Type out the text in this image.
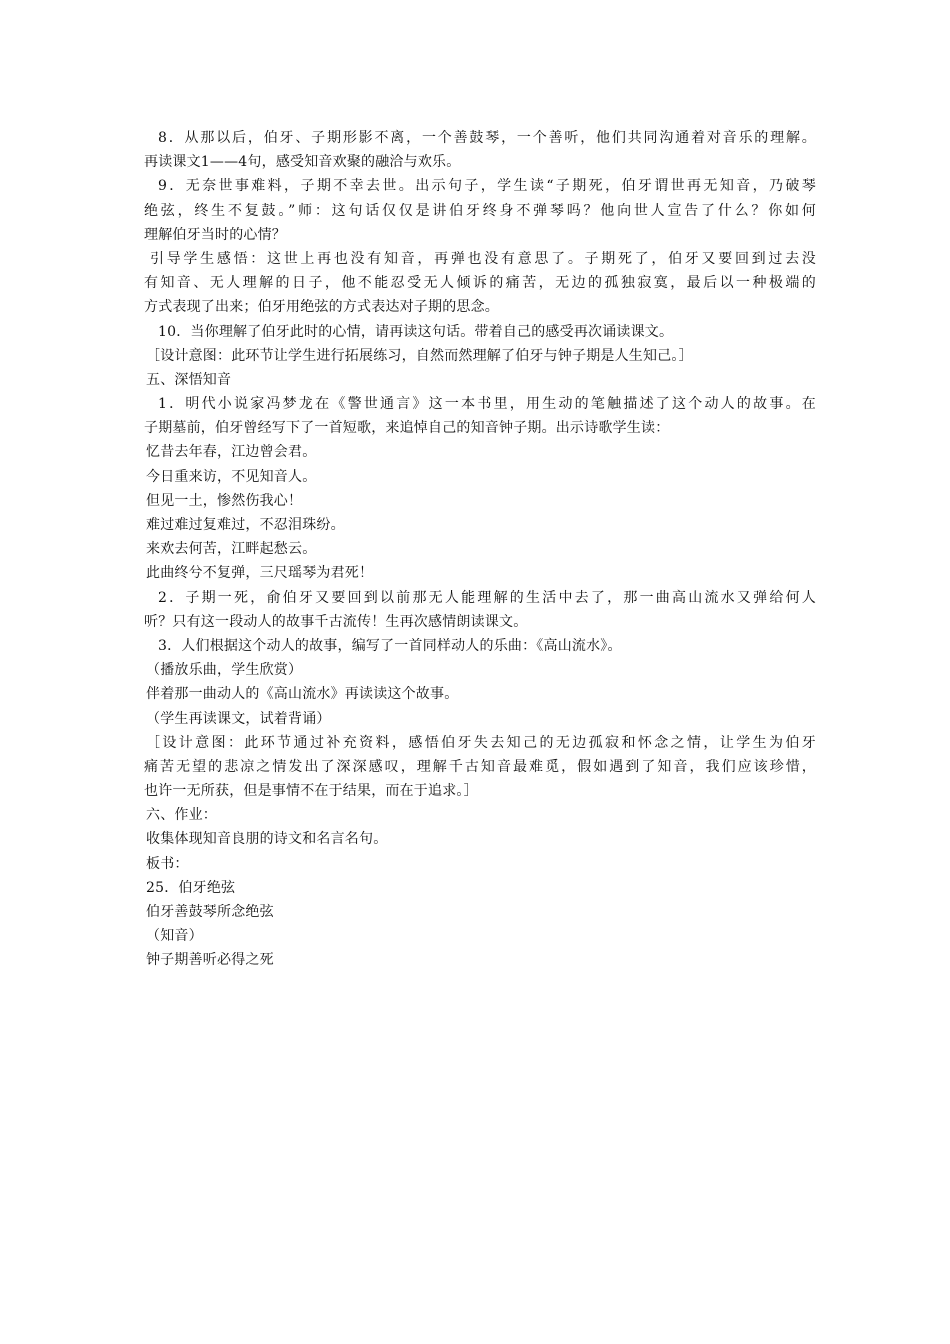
8．从那以后，伯牙、子期形影不离，一个善鼓琴，一个善听，他们共同沟通着对音乐的理解。
再读课文1——4句，感受知音欢聚的融洽与欢乐。
9．无奈世事难料，子期不幸去世。出示句子，学生读“子期死，伯牙谓世再无知音，乃破琴
绝弦，终生不复鼓。”师：这句话仅仅是讲伯牙终身不弹琴吗？他向世人宣告了什么？你如何
理解伯牙当时的心情？
引导学生感悟：这世上再也没有知音，再弹也没有意思了。子期死了，伯牙又要回到过去没
有知音、无人理解的日子，他不能忍受无人倾诉的痛苦，无边的孤独寂寞，最后以一种极端的
方式表现了出来；伯牙用绝弦的方式表达对子期的思念。
10．当你理解了伯牙此时的心情，请再读这句话。带着自己的感受再次诵读课文。
［设计意图：此环节让学生进行拓展练习，自然而然理解了伯牙与钟子期是人生知己。］
五、深悟知音
1．明代小说家冯梦龙在《警世通言》这一本书里，用生动的笔触描述了这个动人的故事。在
子期墓前，伯牙曾经写下了一首短歌，来追悼自己的知音钟子期。出示诗歌学生读：
忆昔去年春，江边曾会君。
今日重来访，不见知音人。
但见一土，惨然伤我心！
难过难过复难过，不忍泪珠纷。
来欢去何苦，江畔起愁云。
此曲终兮不复弹，三尺瑶琴为君死！
2．子期一死，俞伯牙又要回到以前那无人能理解的生活中去了，那一曲高山流水又弹给何人
听？只有这一段动人的故事千古流传！生再次感情朗读课文。
3．人们根据这个动人的故事，编写了一首同样动人的乐曲：《高山流水》。
（播放乐曲，学生欣赏）
伴着那一曲动人的《高山流水》再读读这个故事。
（学生再读课文，试着背诵）
［设计意图：此环节通过补充资料，感悟伯牙失去知己的无边孤寂和怀念之情，让学生为伯牙
痛苦无望的悲凉之情发出了深深感叹，理解千古知音最难觅，假如遇到了知音，我们应该珍惜，
也许一无所获，但是事情不在于结果，而在于追求。］
六、作业：
收集体现知音良朋的诗文和名言名句。
板书：
25．伯牙绝弦
伯牙善鼓琴所念绝弦
（知音）
钟子期善听必得之死
